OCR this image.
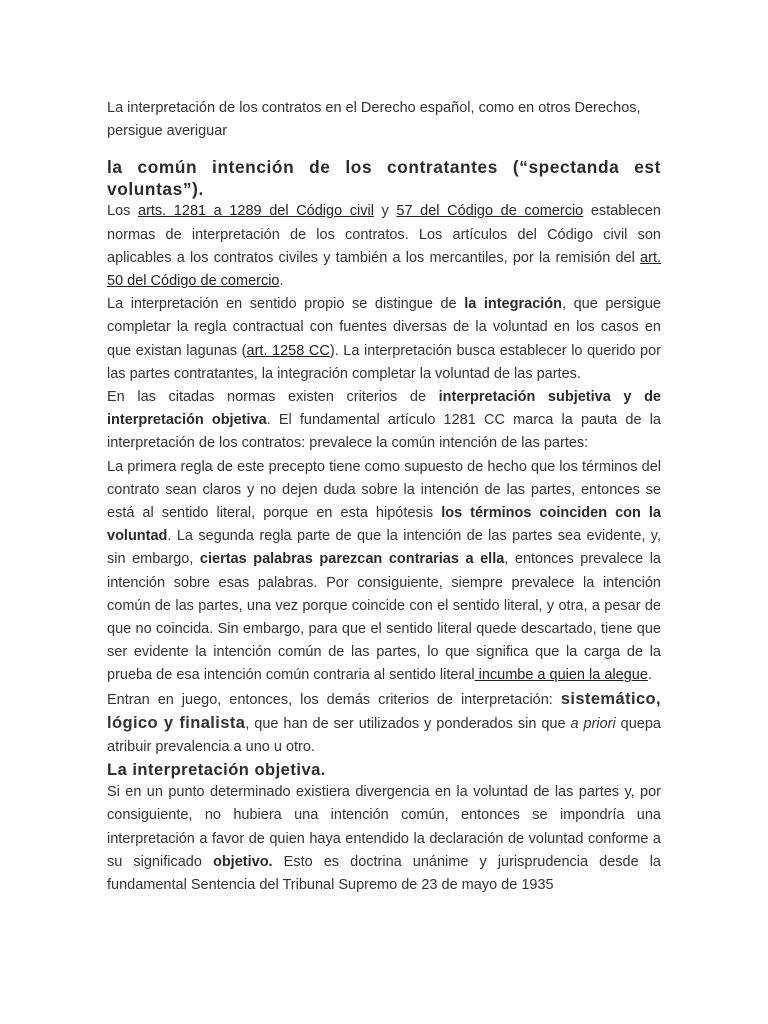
La interpretación de los contratos en el Derecho español, como en otros Derechos, persigue averiguar

la común intención de los contratantes (“spectanda est voluntas”).

Los arts. 1281 a 1289 del Código civil y 57 del Código de comercio establecen normas de interpretación de los contratos. Los artículos del Código civil son aplicables a los contratos civiles y también a los mercantiles, por la remisión del art. 50 del Código de comercio.

La interpretación en sentido propio se distingue de la integración, que persigue completar la regla contractual con fuentes diversas de la voluntad en los casos en que existan lagunas (art. 1258 CC). La interpretación busca establecer lo querido por las partes contratantes, la integración completar la voluntad de las partes.

En las citadas normas existen criterios de interpretación subjetiva y de interpretación objetiva. El fundamental artículo 1281 CC marca la pauta de la interpretación de los contratos: prevalece la común intención de las partes:

La primera regla de este precepto tiene como supuesto de hecho que los términos del contrato sean claros y no dejen duda sobre la intención de las partes, entonces se está al sentido literal, porque en esta hipótesis los términos coinciden con la voluntad. La segunda regla parte de que la intención de las partes sea evidente, y, sin embargo, ciertas palabras parezcan contrarias a ella, entonces prevalece la intención sobre esas palabras. Por consiguiente, siempre prevalece la intención común de las partes, una vez porque coincide con el sentido literal, y otra, a pesar de que no coincida. Sin embargo, para que el sentido literal quede descartado, tiene que ser evidente la intención común de las partes, lo que significa que la carga de la prueba de esa intención común contraria al sentido literal incumbe a quien la alegue.

Entran en juego, entonces, los demás criterios de interpretación: sistemático, lógico y finalista, que han de ser utilizados y ponderados sin que a priori quepa atribuir prevalencia a uno u otro.

La interpretación objetiva.

Si en un punto determinado existiera divergencia en la voluntad de las partes y, por consiguiente, no hubiera una intención común, entonces se impondría una interpretación a favor de quien haya entendido la declaración de voluntad conforme a su significado objetivo. Esto es doctrina unánime y jurisprudencia desde la fundamental Sentencia del Tribunal Supremo de 23 de mayo de 1935
